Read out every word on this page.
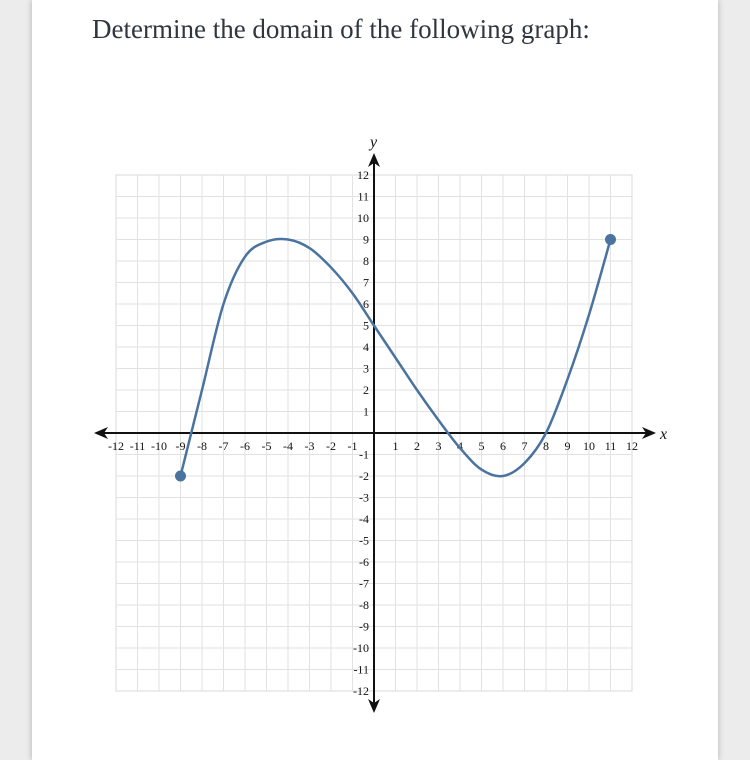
Determine the domain of the following graph:
x
y
-12 -11 -10 -9 -8 -7 -6 -5 -4 -3 -2 -1	1 2 3 4 5 6 7 8 9 10 11 12
12
11
10
9
8
7
6
5
4
3
2
1
-1
-2
-3
-4
-5
-6
-7
-8
-9
-10
-11
-12
